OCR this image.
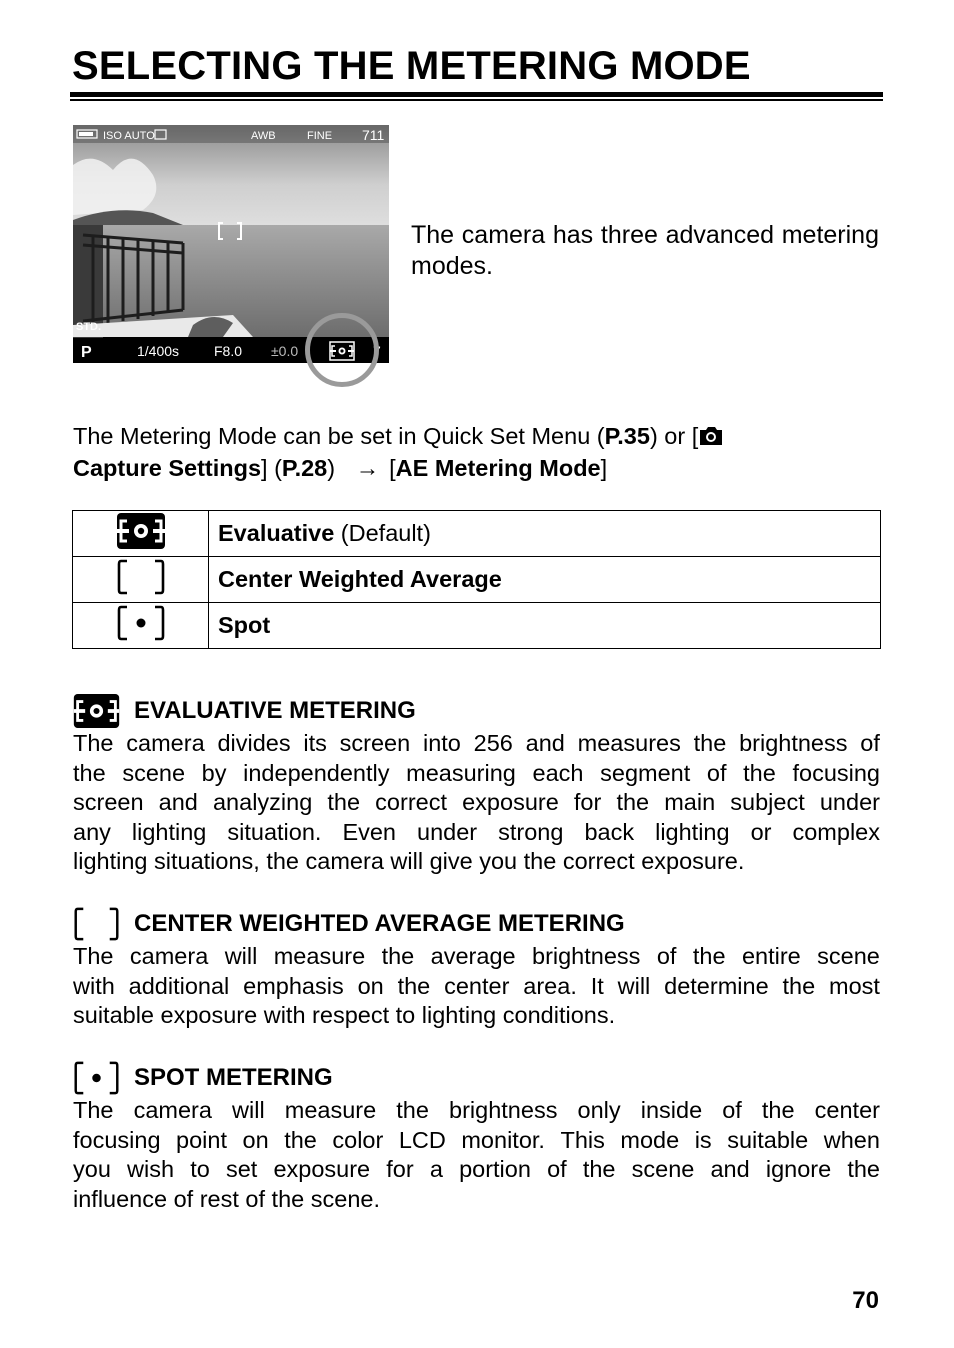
SELECTING THE METERING MODE
ISO AUTO	AWB	FINE 711
STD.
P	1/400s F8.0 ±0.0	7
The camera has three advanced metering modes.
The Metering Mode can be set in Quick Set Menu (P.35) or [
Capture Settings] (P.28) → [AE Metering Mode]
	Evaluative (Default)
	Center Weighted Average
	Spot
EVALUATIVE METERING
The camera divides its screen into 256 and measures the brightness of
the scene by independently measuring each segment of the focusing
screen and analyzing the correct exposure for the main subject under
any lighting situation. Even under strong back lighting or complex
lighting situations, the camera will give you the correct exposure.
CENTER WEIGHTED AVERAGE METERING
The camera will measure the average brightness of the entire scene
with additional emphasis on the center area. It will determine the most
suitable exposure with respect to lighting conditions.
SPOT METERING
The camera will measure the brightness only inside of the center
focusing point on the color LCD monitor. This mode is suitable when
you wish to set exposure for a portion of the scene and ignore the
influence of rest of the scene.
70
